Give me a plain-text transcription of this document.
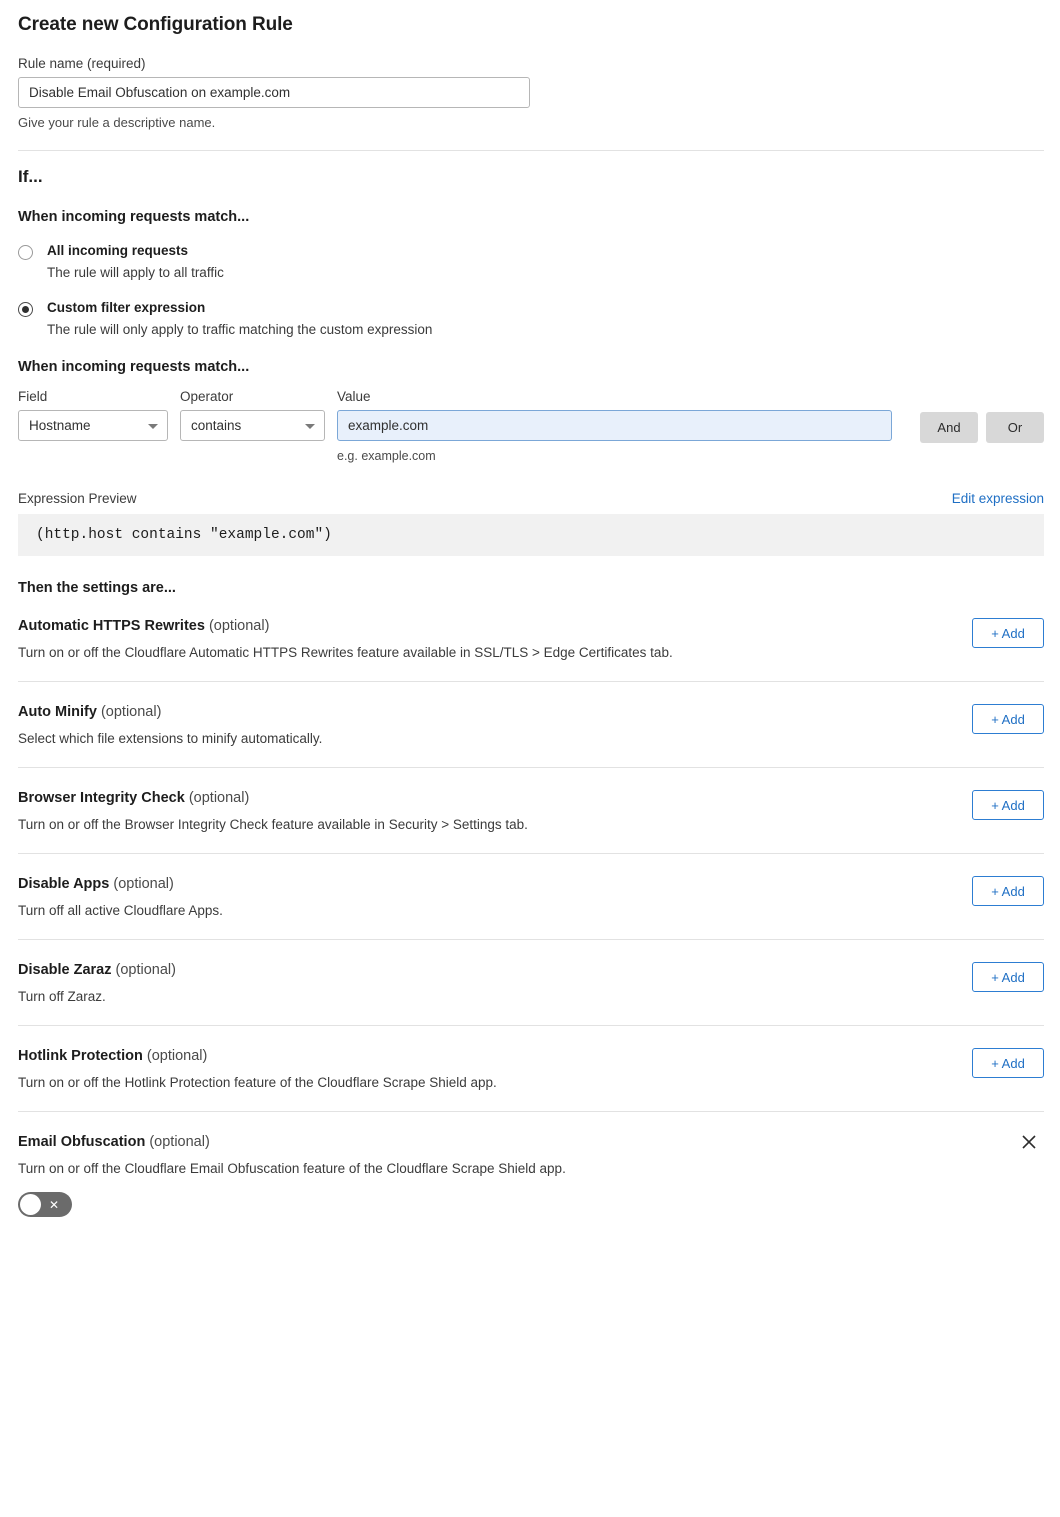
Create new Configuration Rule
Rule name (required)
Disable Email Obfuscation on example.com
Give your rule a descriptive name.
If...
When incoming requests match...
All incoming requests
The rule will apply to all traffic
Custom filter expression
The rule will only apply to traffic matching the custom expression
When incoming requests match...
Field
Hostname
Operator
contains
Value
example.com
e.g. example.com
And	Or
Expression Preview	Edit expression
(http.host contains "example.com")
Then the settings are...
Automatic HTTPS Rewrites (optional)
Turn on or off the Cloudflare Automatic HTTPS Rewrites feature available in SSL/TLS > Edge Certificates tab.
+ Add
Auto Minify (optional)
Select which file extensions to minify automatically.
+ Add
Browser Integrity Check (optional)
Turn on or off the Browser Integrity Check feature available in Security > Settings tab.
+ Add
Disable Apps (optional)
Turn off all active Cloudflare Apps.
+ Add
Disable Zaraz (optional)
Turn off Zaraz.
+ Add
Hotlink Protection (optional)
Turn on or off the Hotlink Protection feature of the Cloudflare Scrape Shield app.
+ Add
Email Obfuscation (optional)
Turn on or off the Cloudflare Email Obfuscation feature of the Cloudflare Scrape Shield app.
✕
